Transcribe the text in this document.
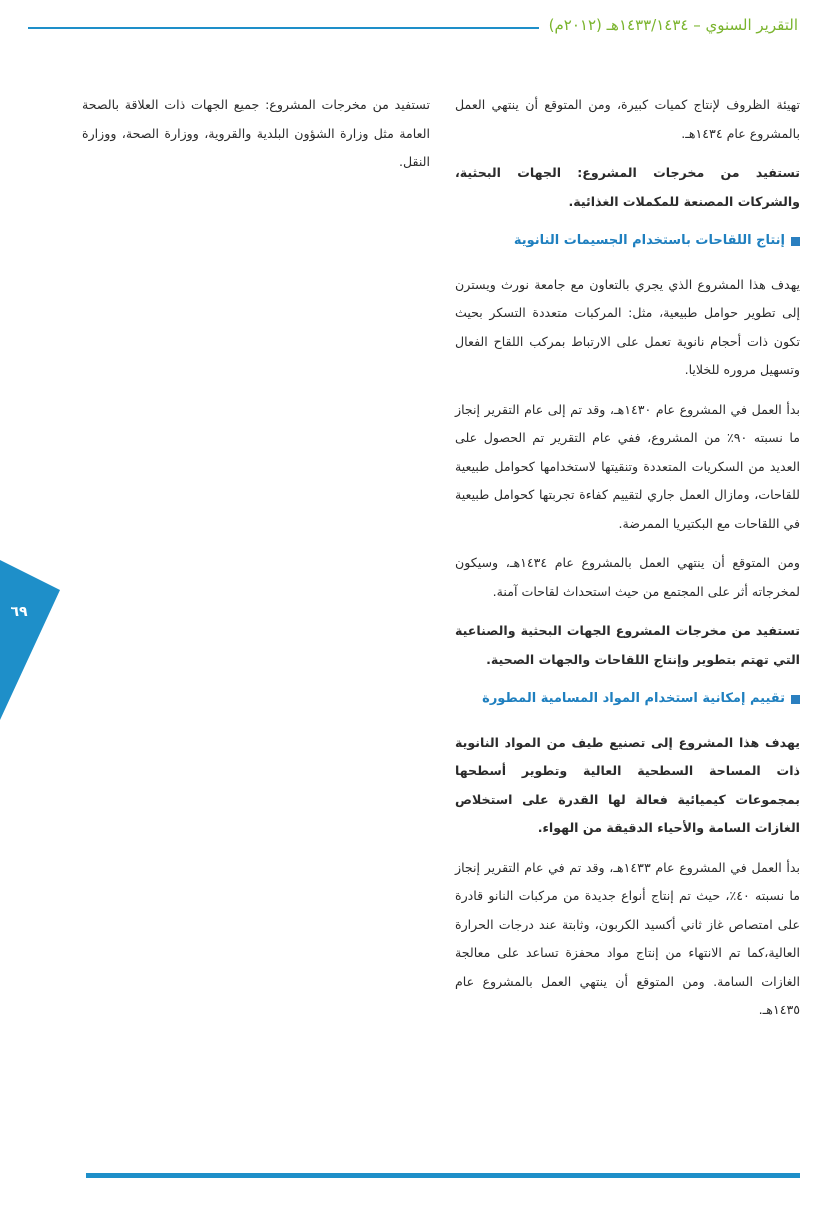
التقرير السنوي – ١٤٣٣/١٤٣٤هـ (٢٠١٢م)

تهيئة الظروف لإنتاج كميات كبيرة، ومن المتوقع أن ينتهي العمل بالمشروع عام ١٤٣٤هـ.

تستفيد من مخرجات المشروع: الجهات البحثية، والشركات المصنعة للمكملات الغذائية.

إنتاج اللقاحات باستخدام الجسيمات النانوية

يهدف هذا المشروع الذي يجري بالتعاون مع جامعة نورث ويسترن إلى تطوير حوامل طبيعية، مثل: المركبات متعددة التسكر بحيث تكون ذات أحجام نانوية تعمل على الارتباط بمركب اللقاح الفعال وتسهيل مروره للخلايا.

بدأ العمل في المشروع عام ١٤٣٠هـ، وقد تم إلى عام التقرير إنجاز ما نسبته ٩٠٪ من المشروع، ففي عام التقرير تم الحصول على العديد من السكريات المتعددة وتنقيتها لاستخدامها كحوامل طبيعية للقاحات، ومازال العمل جاري لتقييم كفاءة تجربتها كحوامل طبيعية في اللقاحات مع البكتيريا الممرضة.

ومن المتوقع أن ينتهي العمل بالمشروع عام ١٤٣٤هـ، وسيكون لمخرجاته أثر على المجتمع من حيث استحداث لقاحات آمنة.

تستفيد من مخرجات المشروع الجهات البحثية والصناعية التي تهتم بتطوير وإنتاج اللقاحات والجهات الصحية.

تقييم إمكانية استخدام المواد المسامية المطورة

يهدف هذا المشروع إلى تصنيع طيف من المواد النانوية ذات المساحة السطحية العالية وتطوير أسطحها بمجموعات كيميائية فعالة لها القدرة على استخلاص الغازات السامة والأحياء الدقيقة من الهواء.

بدأ العمل في المشروع عام ١٤٣٣هـ، وقد تم في عام التقرير إنجاز ما نسبته ٤٠٪، حيث تم إنتاج أنواع جديدة من مركبات النانو قادرة على امتصاص غاز ثاني أكسيد الكربون، وثابتة عند درجات الحرارة العالية،كما تم الانتهاء من إنتاج مواد محفزة تساعد على معالجة الغازات السامة. ومن المتوقع أن ينتهي العمل بالمشروع عام ١٤٣٥هـ.

تستفيد من مخرجات المشروع: جميع الجهات ذات العلاقة بالصحة العامة مثل وزارة الشؤون البلدية والقروية، ووزارة الصحة، ووزارة النقل.

٦٩
